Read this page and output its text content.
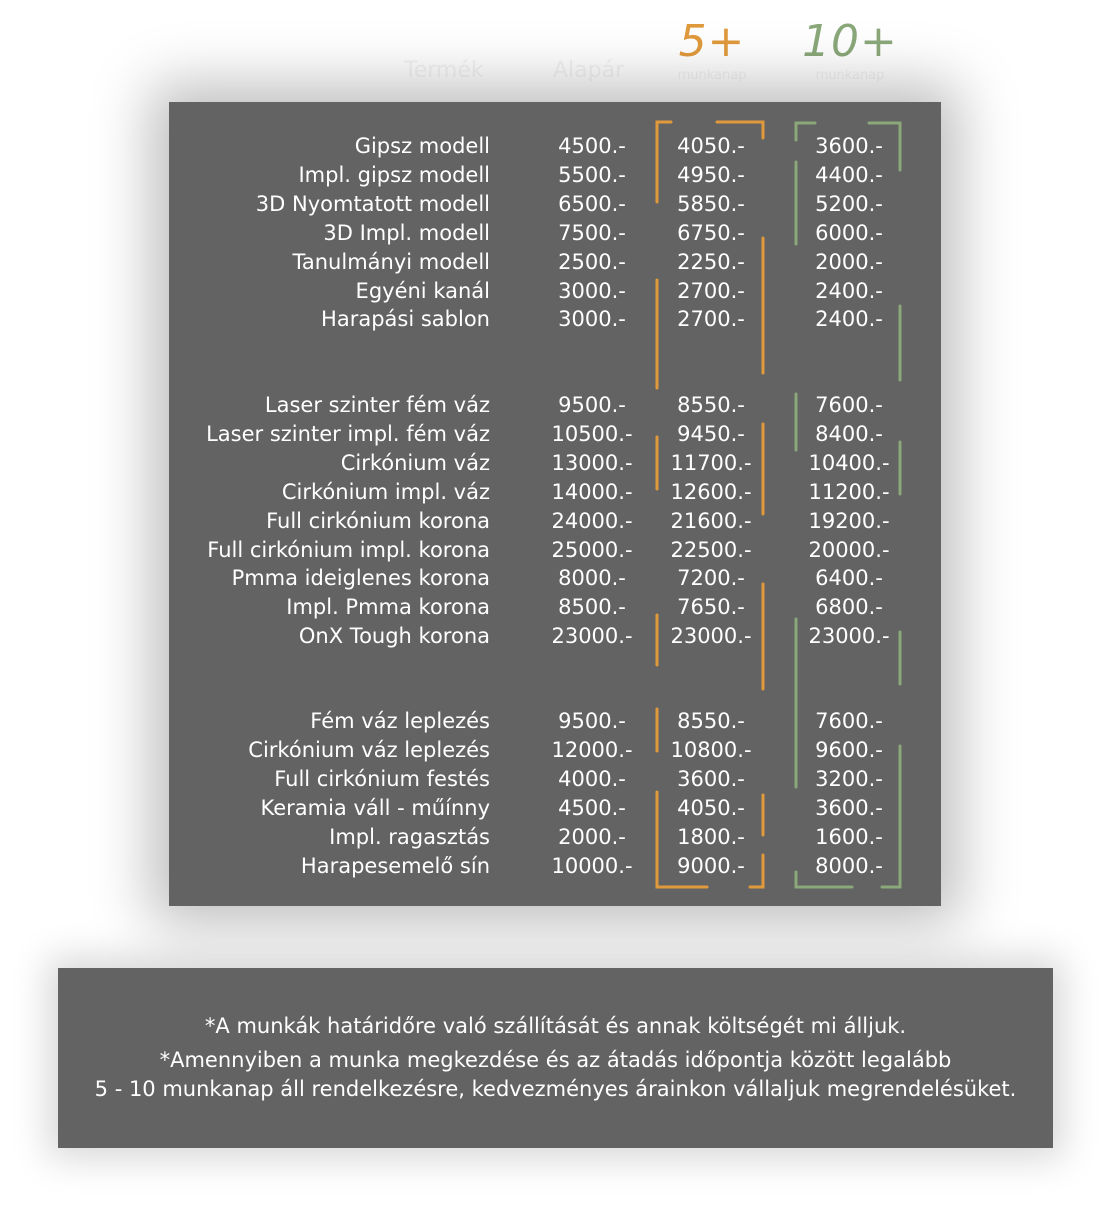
Termék	Alapár
5+
munkanap
10+
munkanap
Gipsz modell	4500.- 4050.-	3600.-
Impl. gipsz modell	5500.- 4950.-	4400.-
3D Nyomtatott modell	6500.- 5850.-	5200.-
3D Impl. modell	7500.- 6750.-	6000.-
Tanulmányi modell	2500.- 2250.-	2000.-
Egyéni kanál	3000.- 2700.-	2400.-
Harapási sablon	3000.- 2700.-	2400.-
Laser szinter fém váz	9500.- 8550.-	7600.-
Laser szinter impl. fém váz	10500.- 9450.-	8400.-
Cirkónium váz	13000.- 11700.-	10400.-
Cirkónium impl. váz	14000.- 12600.-	11200.-
Full cirkónium korona	24000.- 21600.-	19200.-
Full cirkónium impl. korona	25000.- 22500.-	20000.-
Pmma ideiglenes korona	8000.- 7200.-	6400.-
Impl. Pmma korona	8500.- 7650.-	6800.-
OnX Tough korona	23000.- 23000.-	23000.-
Fém váz leplezés	9500.- 8550.-	7600.-
Cirkónium váz leplezés	12000.- 10800.-	9600.-
Full cirkónium festés	4000.- 3600.-	3200.-
Keramia váll - műínny	4500.- 4050.-	3600.-
Impl. ragasztás	2000.- 1800.-	1600.-
Harapesemelő sín	10000.- 9000.-	8000.-
*A munkák határidőre való szállítását és annak költségét mi álljuk.
*Amennyiben a munka megkezdése és az átadás időpontja között legalább
5 - 10 munkanap áll rendelkezésre, kedvezményes árainkon vállaljuk megrendelésüket.
